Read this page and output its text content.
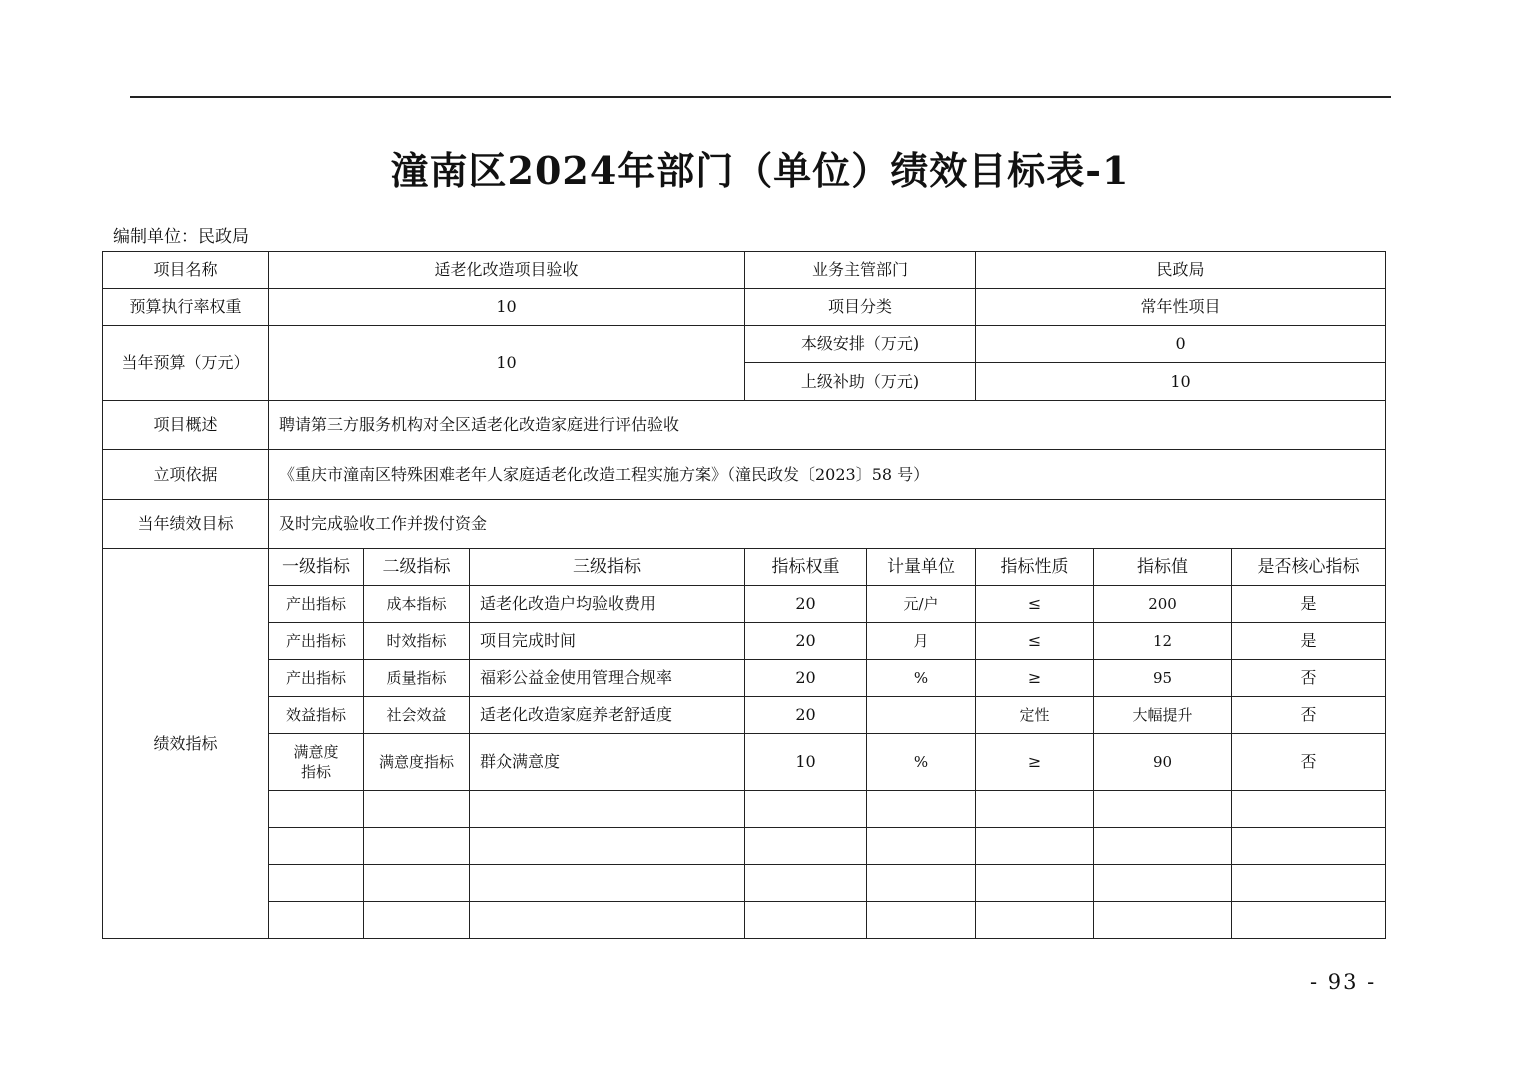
潼南区2024年部门（单位）绩效目标表-1
编制单位：民政局
项目名称	适老化改造项目验收			业务主管部门		民政局		
预算执行率权重	10			项目分类		常年性项目		
当年预算（万元）	10			本级安排（万元)		0		
				上级补助（万元)		10		
项目概述	聘请第三方服务机构对全区适老化改造家庭进行评估验收							
立项依据	《重庆市潼南区特殊困难老年人家庭适老化改造工程实施方案》（潼民政发〔2023〕58 号）							
当年绩效目标	及时完成验收工作并拨付资金							
绩效指标	一级指标	二级指标	三级指标	指标权重	计量单位	指标性质	指标值	是否核心指标
	产出指标	成本指标	适老化改造户均验收费用	20	元/户	≤	200	是
	产出指标	时效指标	项目完成时间	20	月	≤	12	是
	产出指标	质量指标	福彩公益金使用管理合规率	20	%	≥	95	否
	效益指标	社会效益	适老化改造家庭养老舒适度	20		定性	大幅提升	否
	满意度指标	满意度指标	群众满意度	10	%	≥	90	否

- 93 -
